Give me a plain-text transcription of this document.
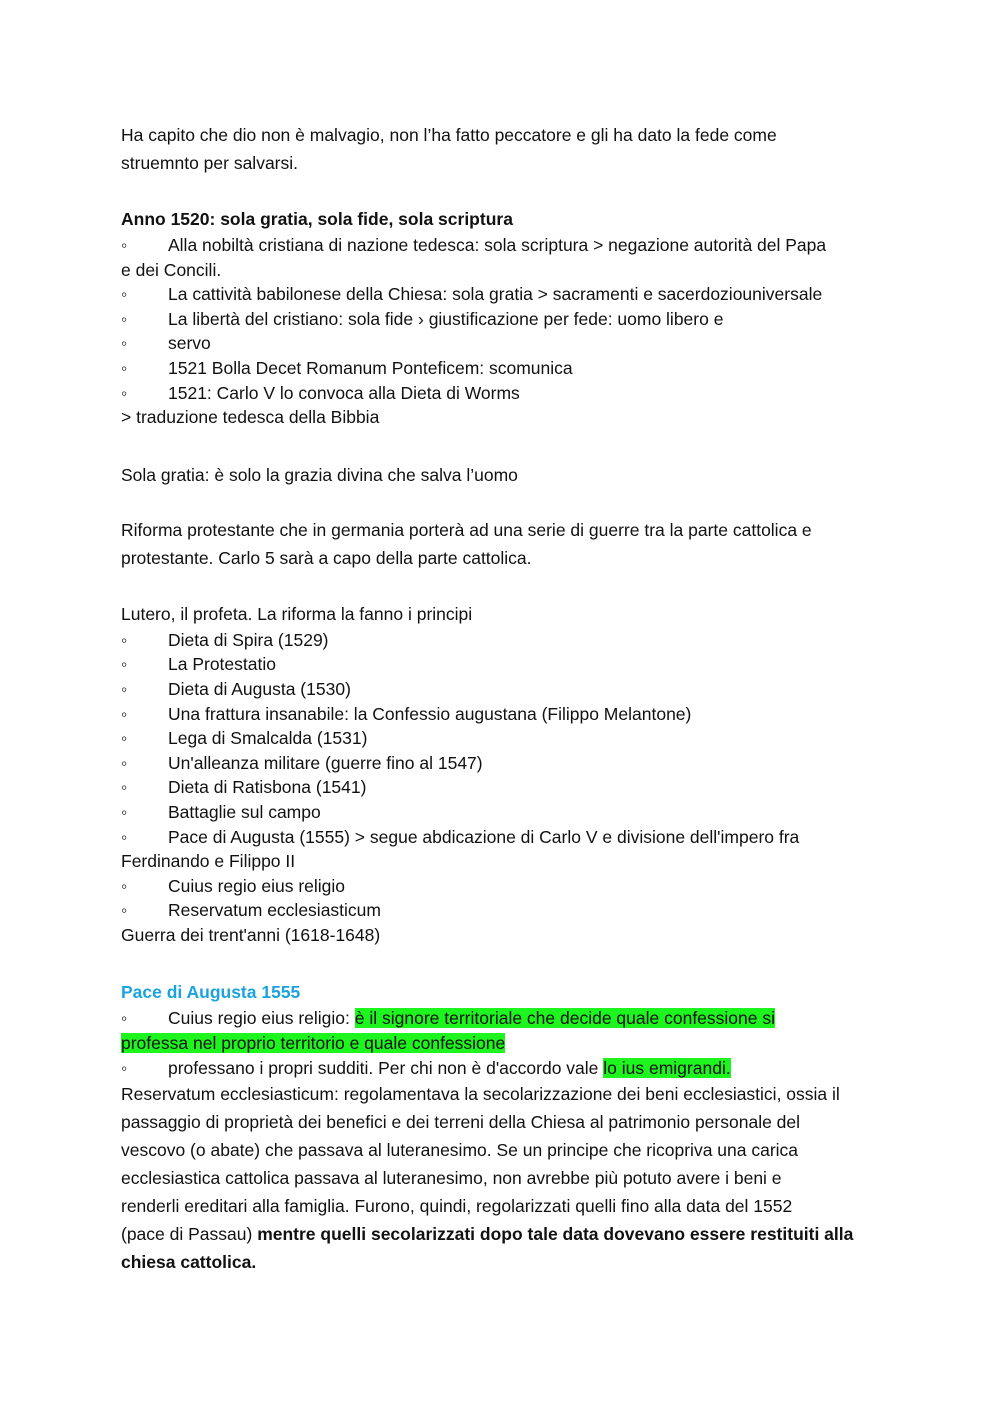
Ha capito che dio non è malvagio, non l’ha fatto peccatore e gli ha dato la fede come

struemnto per salvarsi.

Anno 1520: sola gratia, sola fide, sola scriptura

◦ Alla nobiltà cristiana di nazione tedesca: sola scriptura > negazione autorità del Papa

e dei Concili.

◦ La cattività babilonese della Chiesa: sola gratia > sacramenti e sacerdoziouniversale

◦ La libertà del cristiano: sola fide › giustificazione per fede: uomo libero e

◦ servo

◦ 1521 Bolla Decet Romanum Ponteficem: scomunica

◦ 1521: Carlo V lo convoca alla Dieta di Worms

> traduzione tedesca della Bibbia

Sola gratia: è solo la grazia divina che salva l’uomo

Riforma protestante che in germania porterà ad una serie di guerre tra la parte cattolica e

protestante. Carlo 5 sarà a capo della parte cattolica.

Lutero, il profeta. La riforma la fanno i principi

◦ Dieta di Spira (1529)

◦ La Protestatio

◦ Dieta di Augusta (1530)

◦ Una frattura insanabile: la Confessio augustana (Filippo Melantone)

◦ Lega di Smalcalda (1531)

◦ Un'alleanza militare (guerre fino al 1547)

◦ Dieta di Ratisbona (1541)

◦ Battaglie sul campo

◦ Pace di Augusta (1555) > segue abdicazione di Carlo V e divisione dell'impero fra

Ferdinando e Filippo II

◦ Cuius regio eius religio

◦ Reservatum ecclesiasticum

Guerra dei trent'anni (1618-1648)

Pace di Augusta 1555

◦ Cuius regio eius religio: è il signore territoriale che decide quale confessione si

professa nel proprio territorio e quale confessione

◦ professano i propri sudditi. Per chi non è d'accordo vale lo ius emigrandi.

Reservatum ecclesiasticum: regolamentava la secolarizzazione dei beni ecclesiastici, ossia il

passaggio di proprietà dei benefici e dei terreni della Chiesa al patrimonio personale del

vescovo (o abate) che passava al luteranesimo. Se un principe che ricopriva una carica

ecclesiastica cattolica passava al luteranesimo, non avrebbe più potuto avere i beni e

renderli ereditari alla famiglia. Furono, quindi, regolarizzati quelli fino alla data del 1552

(pace di Passau) mentre quelli secolarizzati dopo tale data dovevano essere restituiti alla

chiesa cattolica.
